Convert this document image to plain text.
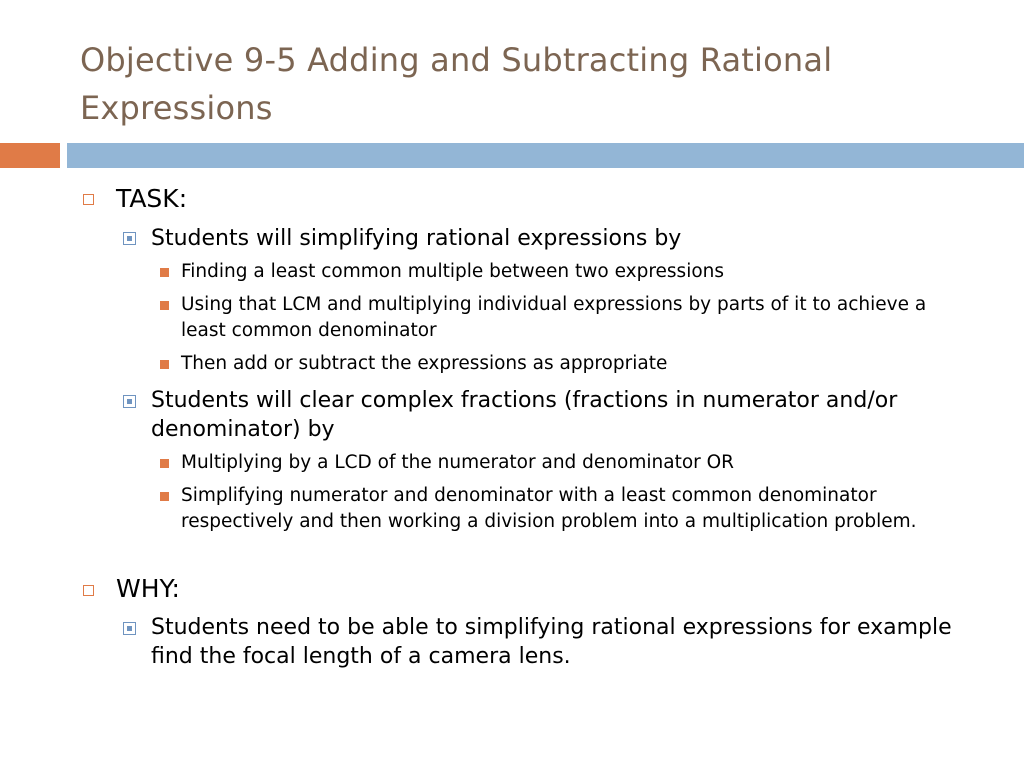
Objective 9-5 Adding and Subtracting Rational Expressions
TASK:
Students will simplifying rational expressions by
Finding a least common multiple between two expressions
Using that LCM and multiplying individual expressions by parts of it to achieve a least common denominator
Then add or subtract the expressions as appropriate
Students will clear complex fractions (fractions in numerator and/or denominator) by
Multiplying by a LCD of the numerator and denominator OR
Simplifying numerator and denominator with a least common denominator respectively and then working a division problem into a multiplication problem.
WHY:
Students need to be able to simplifying rational expressions for example find the focal length of a camera lens.
